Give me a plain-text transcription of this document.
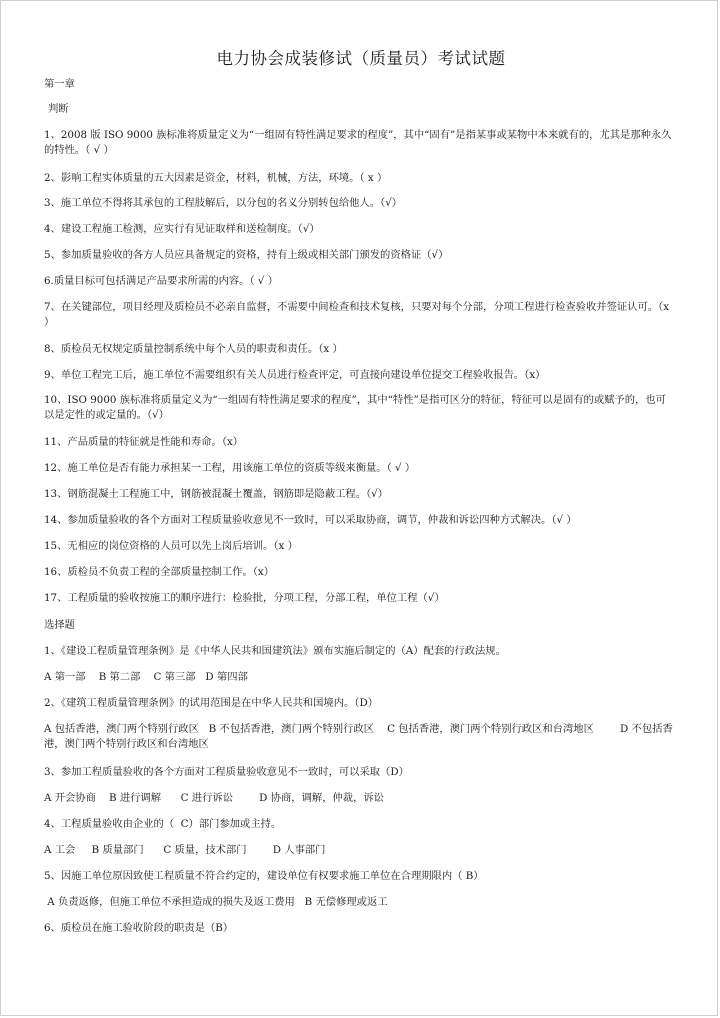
电力协会成装修试（质量员）考试试题
第一章
判断
1、2008 版 ISO 9000 族标准将质量定义为“一组固有特性满足要求的程度”，其中“固有”是指某事或某物中本来就有的，尤其是那种永久的特性。（ √ ）
2、影响工程实体质量的五大因素是资金，材料，机械，方法，环境。（ x ）
3、施工单位不得将其承包的工程肢解后，以分包的名义分别转包给他人。（√）
4、建设工程施工检测，应实行有见证取样和送检制度。（√）
5、参加质量验收的各方人员应具备规定的资格，持有上级或相关部门颁发的资格证（√）
6.质量目标可包括满足产品要求所需的内容。（ √ ）
7、在关键部位，项目经理及质检员不必亲自监督，不需要中间检查和技术复核，只要对每个分部，分项工程进行检查验收并签证认可。（x ）
8、质检员无权规定质量控制系统中每个人员的职责和责任。（x ）
9、单位工程完工后，施工单位不需要组织有关人员进行检查评定，可直接向建设单位提交工程验收报告。（x）
10、ISO 9000 族标准将质量定义为“一组固有特性满足要求的程度”，其中“特性”是指可区分的特征，特征可以是固有的或赋予的，也可以是定性的或定量的。（√）
11、产品质量的特征就是性能和寿命。（x）
12、施工单位是否有能力承担某一工程，用该施工单位的资质等级来衡量。（ √ ）
13、钢筋混凝土工程施工中，钢筋被混凝土覆盖，钢筋即是隐蔽工程。（√）
14、参加质量验收的各个方面对工程质量验收意见不一致时，可以采取协商，调节，仲裁和诉讼四种方式解决。（√ ）
15、无相应的岗位资格的人员可以先上岗后培训。（x ）
16、质检员不负责工程的全部质量控制工作。（x）
17、工程质量的验收按施工的顺序进行：检验批，分项工程，分部工程，单位工程（√）
选择题
1、《建设工程质量管理条例》是《中华人民共和国建筑法》颁布实施后制定的（A）配套的行政法规。
A 第一部    B 第二部    C 第三部   D 第四部
2、《建筑工程质量管理条例》的试用范围是在中华人民共和国境内。（D）
A 包括香港，澳门两个特别行政区   B 不包括香港，澳门两个特别行政区    C 包括香港，澳门两个特别行政区和台湾地区        D 不包括香港，澳门两个特别行政区和台湾地区
3、参加工程质量验收的各个方面对工程质量验收意见不一致时，可以采取（D）
A 开会协商    B 进行调解      C 进行诉讼        D 协商，调解，仲裁，诉讼
4、工程质量验收由企业的（  C）部门参加或主持。
A 工会     B 质量部门      C 质量，技术部门        D 人事部门
5、因施工单位原因致使工程质量不符合约定的，建设单位有权要求施工单位在合理期限内（ B）
A 负责返修，但施工单位不承担造成的损失及返工费用   B 无偿修理或返工
6、质检员在施工验收阶段的职责是（B）
